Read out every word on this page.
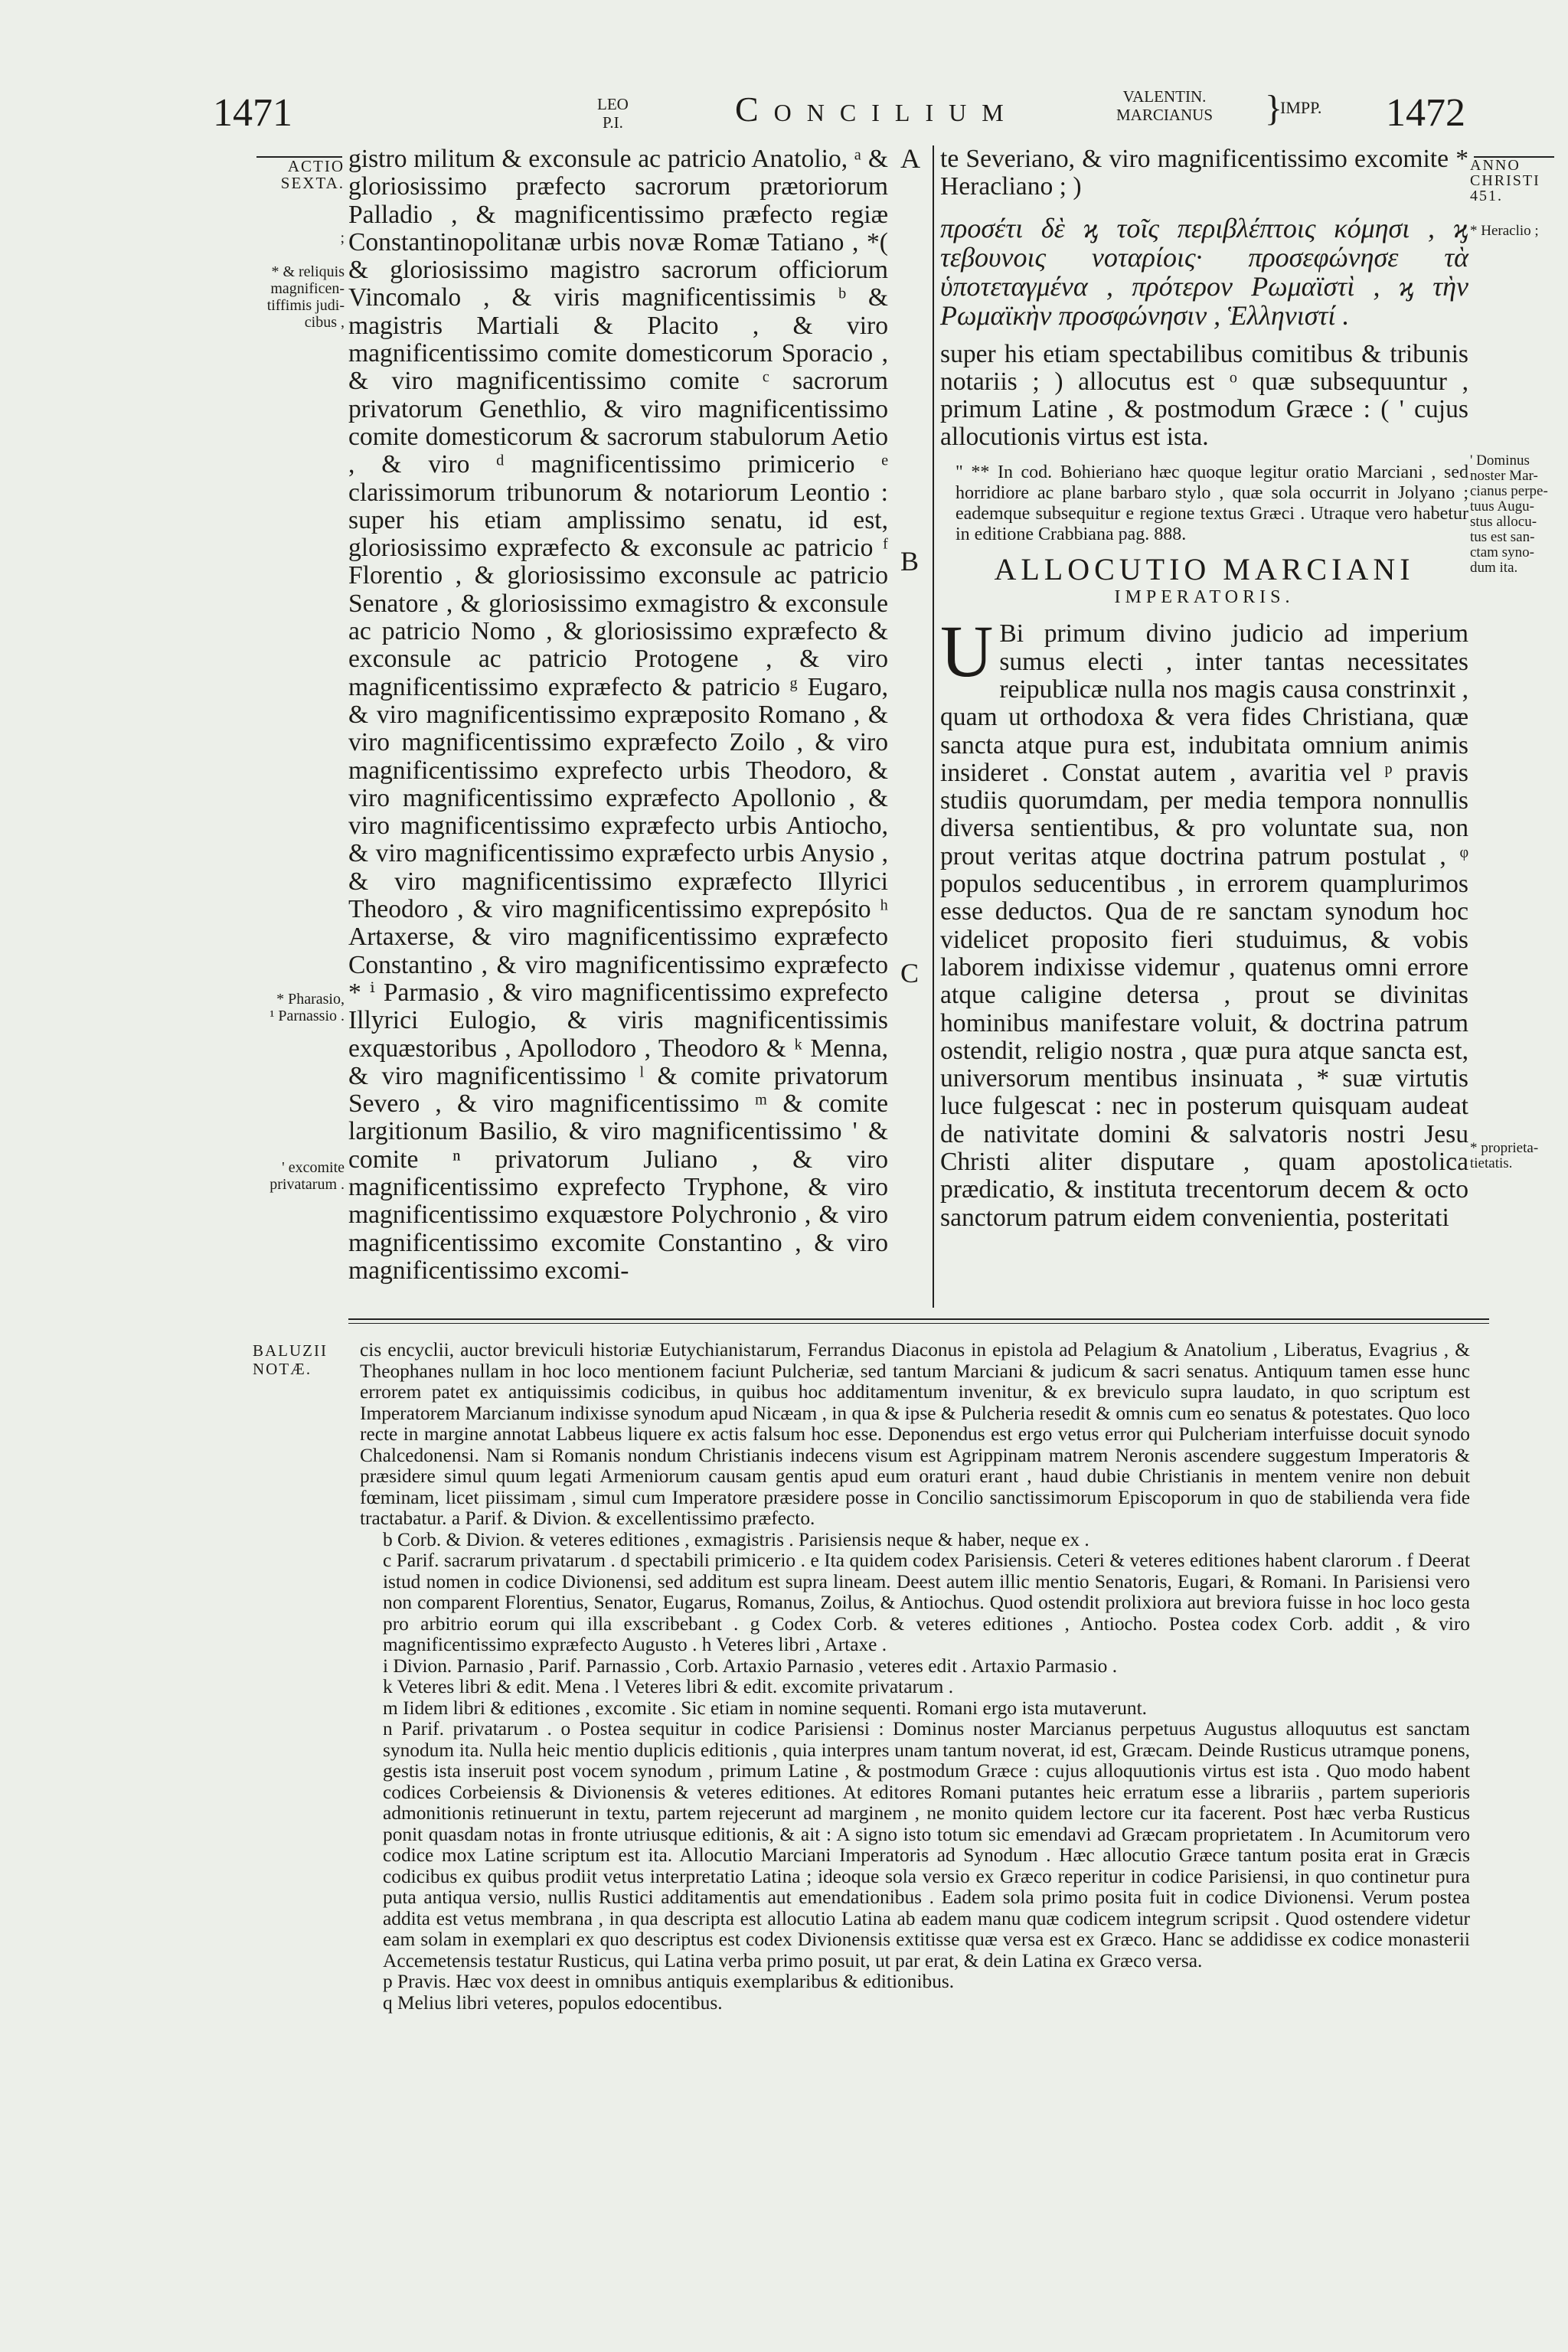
1471	LEO
P.I.	Concilium	VALENTIN.
MARCIANUS }
IMPP. 1472
ACTIO
SEXTA.
;
* & reliquis
magnificen-
tiffimis judi-
cibus ,
* Pharasio,
¹ Parnassio .
' excomite
privatarum .
ANNO
CHRISTI
451.
* Heraclio ;
' Dominus
noster Mar-
cianus perpe-
tuus Augu-
stus allocu-
tus est san-
ctam syno-
dum ita.
* proprieta-
tietatis.
A
B
C

gistro militum & exconsule ac patricio Anatolio, ᵃ & gloriosissimo præfecto sacrorum prætoriorum Palladio , & magnificentissimo præfecto regiæ Constantinopolitanæ urbis novæ Romæ Tatiano , *( & gloriosissimo magistro sacrorum officiorum Vincomalo , & viris magnificentissimis ᵇ & magistris Martiali & Placito , & viro magnificentissimo comite domesticorum Sporacio , & viro magnificentissimo comite ᶜ sacrorum privatorum Genethlio, & viro magnificentissimo comite domesticorum & sacrorum stabulorum Aetio , & viro ᵈ magnificentissimo primicerio ᵉ clarissimorum tribunorum & notariorum Leontio : super his etiam amplissimo senatu, id est, gloriosissimo expræfecto & exconsule ac patricio ᶠ Florentio , & gloriosissimo exconsule ac patricio Senatore , & gloriosissimo exmagistro & exconsule ac patricio Nomo , & gloriosissimo expræfecto & exconsule ac patricio Protogene , & viro magnificentissimo expræfecto & patricio ᵍ Eugaro, & viro magnificentissimo expræposito Romano , & viro magnificentissimo expræfecto Zoilo , & viro magnificentissimo exprefecto urbis Theodoro, & viro magnificentissimo expræfecto Apollonio , & viro magnificentissimo expræfecto urbis Antiocho, & viro magnificentissimo expræfecto urbis Anysio , & viro magnificentissimo expræfecto Illyrici Theodoro , & viro magnificentissimo exprepósito ʰ Artaxerse, & viro magnificentissimo expræfecto Constantino , & viro magnificentissimo expræfecto * ⁱ Parmasio , & viro magnificentissimo exprefecto Illyrici Eulogio, & viris magnificentissimis exquæstoribus , Apollodoro , Theodoro & ᵏ Menna, & viro magnificentissimo ˡ & comite privatorum Severo , & viro magnificentissimo ᵐ & comite largitionum Basilio, & viro magnificentissimo ' & comite ⁿ privatorum Juliano , & viro magnificentissimo exprefecto Tryphone, & viro magnificentissimo exquæstore Polychronio , & viro magnificentissimo excomite Constantino , & viro magnificentissimo excomi-

te Severiano, & viro magnificentissimo excomite * Heracliano ; )

προσέτι δὲ ϗ τοῖς περιβλέπτοις κόμησι , ϗ τεβουνοις νοταρίοις· προσεφώνησε τὰ ὑποτεταγμένα , πρότερον Ρωμαϊστὶ , ϗ τὴν Ρωμαϊκὴν προσφώνησιν , Ἑλληνιστί .

super his etiam spectabilibus comitibus & tribunis notariis ; ) allocutus est ᵒ quæ subsequuntur , primum Latine , & postmodum Græce : ( ' cujus allocutionis virtus est ista.

" ** In cod. Bohieriano hæc quoque legitur oratio Marciani , sed horridiore ac plane barbaro stylo , quæ sola occurrit in Jolyano ; eademque subsequitur e regione textus Græci . Utraque vero habetur in editione Crabbiana pag. 888.

ALLOCUTIO MARCIANI
IMPERATORIS.

U Bi primum divino judicio ad imperium sumus electi , inter tantas necessitates reipublicæ nulla nos magis causa constrinxit , quam ut orthodoxa & vera fides Christiana, quæ sancta atque pura est, indubitata omnium animis insideret . Constat autem , avaritia vel ᵖ pravis studiis quorumdam, per media tempora nonnullis diversa sentientibus, & pro voluntate sua, non prout veritas atque doctrina patrum postulat , ᵠ populos seducentibus , in errorem quamplurimos esse deductos. Qua de re sanctam synodum hoc videlicet proposito fieri studuimus, & vobis laborem indixisse videmur , quatenus omni errore atque caligine detersa , prout se divinitas hominibus manifestare voluit, & doctrina patrum ostendit, religio nostra , quæ pura atque sancta est, universorum mentibus insinuata , * suæ virtutis luce fulgescat : nec in posterum quisquam audeat de nativitate domini & salvatoris nostri Jesu Christi aliter disputare , quam apostolica prædicatio, & instituta trecentorum decem & octo sanctorum patrum eidem convenientia, posteritati

BALUZII
NOTÆ.

cis encyclii, auctor breviculi historiæ Eutychianistarum, Ferrandus Diaconus in epistola ad Pelagium & Anatolium , Liberatus, Evagrius , & Theophanes nullam in hoc loco mentionem faciunt Pulcheriæ, sed tantum Marciani & judicum & sacri senatus. Antiquum tamen esse hunc errorem patet ex antiquissimis codicibus, in quibus hoc additamentum invenitur, & ex breviculo supra laudato, in quo scriptum est Imperatorem Marcianum indixisse synodum apud Nicæam , in qua & ipse & Pulcheria resedit & omnis cum eo senatus & potestates. Quo loco recte in margine annotat Labbeus liquere ex actis falsum hoc esse. Deponendus est ergo vetus error qui Pulcheriam interfuisse docuit synodo Chalcedonensi. Nam si Romanis nondum Christianis indecens visum est Agrippinam matrem Neronis ascendere suggestum Imperatoris & præsidere simul quum legati Armeniorum causam gentis apud eum oraturi erant , haud dubie Christianis in mentem venire non debuit fœminam, licet piissimam , simul cum Imperatore præsidere posse in Concilio sanctissimorum Episcoporum in quo de stabilienda vera fide tractabatur. a Parif. & Divion. & excellentissimo præfecto.

b Corb. & Divion. & veteres editiones , exmagistris . Parisiensis neque & haber, neque ex .

c Parif. sacrarum privatarum . d spectabili primicerio . e Ita quidem codex Parisiensis. Ceteri & veteres editiones habent clarorum . f Deerat istud nomen in codice Divionensi, sed additum est supra lineam. Deest autem illic mentio Senatoris, Eugari, & Romani. In Parisiensi vero non comparent Florentius, Senator, Eugarus, Romanus, Zoilus, & Antiochus. Quod ostendit prolixiora aut breviora fuisse in hoc loco gesta pro arbitrio eorum qui illa exscribebant . g Codex Corb. & veteres editiones , Antiocho. Postea codex Corb. addit , & viro magnificentissimo expræfecto Augusto . h Veteres libri , Artaxe .

i Divion. Parnasio , Parif. Parnassio , Corb. Artaxio Parnasio , veteres edit . Artaxio Parmasio .

k Veteres libri & edit. Mena . l Veteres libri & edit. excomite privatarum .

m Iidem libri & editiones , excomite . Sic etiam in nomine sequenti. Romani ergo ista mutaverunt.

n Parif. privatarum . o Postea sequitur in codice Parisiensi : Dominus noster Marcianus perpetuus Augustus alloquutus est sanctam synodum ita. Nulla heic mentio duplicis editionis , quia interpres unam tantum noverat, id est, Græcam. Deinde Rusticus utramque ponens, gestis ista inseruit post vocem synodum , primum Latine , & postmodum Græce : cujus alloquutionis virtus est ista . Quo modo habent codices Corbeiensis & Divionensis & veteres editiones. At editores Romani putantes heic erratum esse a librariis , partem superioris admonitionis retinuerunt in textu, partem rejecerunt ad marginem , ne monito quidem lectore cur ita facerent. Post hæc verba Rusticus ponit quasdam notas in fronte utriusque editionis, & ait : A signo isto totum sic emendavi ad Græcam proprietatem . In Acumitorum vero codice mox Latine scriptum est ita. Allocutio Marciani Imperatoris ad Synodum . Hæc allocutio Græce tantum posita erat in Græcis codicibus ex quibus prodiit vetus interpretatio Latina ; ideoque sola versio ex Græco reperitur in codice Parisiensi, in quo continetur pura puta antiqua versio, nullis Rustici additamentis aut emendationibus . Eadem sola primo posita fuit in codice Divionensi. Verum postea addita est vetus membrana , in qua descripta est allocutio Latina ab eadem manu quæ codicem integrum scripsit . Quod ostendere videtur eam solam in exemplari ex quo descriptus est codex Divionensis extitisse quæ versa est ex Græco. Hanc se addidisse ex codice monasterii Accemetensis testatur Rusticus, qui Latina verba primo posuit, ut par erat, & dein Latina ex Græco versa.

p Pravis. Hæc vox deest in omnibus antiquis exemplaribus & editionibus.

q Melius libri veteres, populos edocentibus.
